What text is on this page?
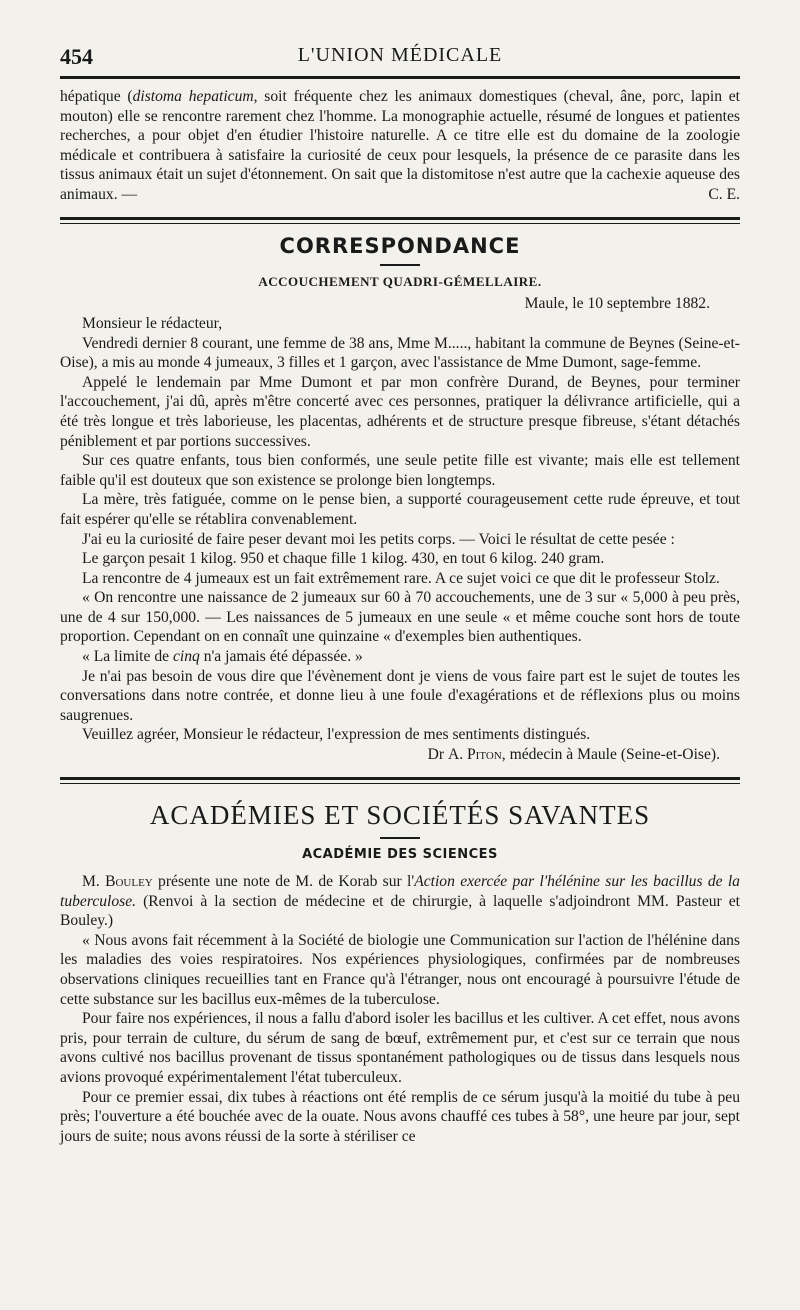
454	L'UNION MÉDICALE

hépatique (distoma hepaticum, soit fréquente chez les animaux domestiques (cheval, âne, porc, lapin et mouton) elle se rencontre rarement chez l'homme. La monographie actuelle, résumé de longues et patientes recherches, a pour objet d'en étudier l'histoire naturelle. A ce titre elle est du domaine de la zoologie médicale et contribuera à satisfaire la curiosité de ceux pour lesquels, la présence de ce parasite dans les tissus animaux était un sujet d'étonnement. On sait que la distomitose n'est autre que la cachexie aqueuse des animaux. —	C. E.

CORRESPONDANCE
ACCOUCHEMENT QUADRI-GÉMELLAIRE.
Maule, le 10 septembre 1882.
Monsieur le rédacteur,

Vendredi dernier 8 courant, une femme de 38 ans, Mme M....., habitant la commune de Beynes (Seine-et-Oise), a mis au monde 4 jumeaux, 3 filles et 1 garçon, avec l'assistance de Mme Dumont, sage-femme.

Appelé le lendemain par Mme Dumont et par mon confrère Durand, de Beynes, pour terminer l'accouchement, j'ai dû, après m'être concerté avec ces personnes, pratiquer la délivrance artificielle, qui a été très longue et très laborieuse, les placentas, adhérents et de structure presque fibreuse, s'étant détachés péniblement et par portions successives.

Sur ces quatre enfants, tous bien conformés, une seule petite fille est vivante; mais elle est tellement faible qu'il est douteux que son existence se prolonge bien longtemps.

La mère, très fatiguée, comme on le pense bien, a supporté courageusement cette rude épreuve, et tout fait espérer qu'elle se rétablira convenablement.

J'ai eu la curiosité de faire peser devant moi les petits corps. — Voici le résultat de cette pesée :

Le garçon pesait 1 kilog. 950 et chaque fille 1 kilog. 430, en tout 6 kilog. 240 gram.

La rencontre de 4 jumeaux est un fait extrêmement rare. A ce sujet voici ce que dit le professeur Stolz.

« On rencontre une naissance de 2 jumeaux sur 60 à 70 accouchements, une de 3 sur « 5,000 à peu près, une de 4 sur 150,000. — Les naissances de 5 jumeaux en une seule « et même couche sont hors de toute proportion. Cependant on en connaît une quinzaine « d'exemples bien authentiques.

« La limite de cinq n'a jamais été dépassée. »

Je n'ai pas besoin de vous dire que l'évènement dont je viens de vous faire part est le sujet de toutes les conversations dans notre contrée, et donne lieu à une foule d'exagérations et de réflexions plus ou moins saugrenues.

Veuillez agréer, Monsieur le rédacteur, l'expression de mes sentiments distingués.

Dr A. Piton, médecin à Maule (Seine-et-Oise).
ACADÉMIES ET SOCIÉTÉS SAVANTES
ACADÉMIE DES SCIENCES

M. Bouley présente une note de M. de Korab sur l'Action exercée par l'hélénine sur les bacillus de la tuberculose. (Renvoi à la section de médecine et de chirurgie, à laquelle s'adjoindront MM. Pasteur et Bouley.)

« Nous avons fait récemment à la Société de biologie une Communication sur l'action de l'hélénine dans les maladies des voies respiratoires. Nos expériences physiologiques, confirmées par de nombreuses observations cliniques recueillies tant en France qu'à l'étranger, nous ont encouragé à poursuivre l'étude de cette substance sur les bacillus eux-mêmes de la tuberculose.

Pour faire nos expériences, il nous a fallu d'abord isoler les bacillus et les cultiver. A cet effet, nous avons pris, pour terrain de culture, du sérum de sang de bœuf, extrêmement pur, et c'est sur ce terrain que nous avons cultivé nos bacillus provenant de tissus spontanément pathologiques ou de tissus dans lesquels nous avions provoqué expérimentalement l'état tuberculeux.

Pour ce premier essai, dix tubes à réactions ont été remplis de ce sérum jusqu'à la moitié du tube à peu près; l'ouverture a été bouchée avec de la ouate. Nous avons chauffé ces tubes à 58°, une heure par jour, sept jours de suite; nous avons réussi de la sorte à stériliser ce
